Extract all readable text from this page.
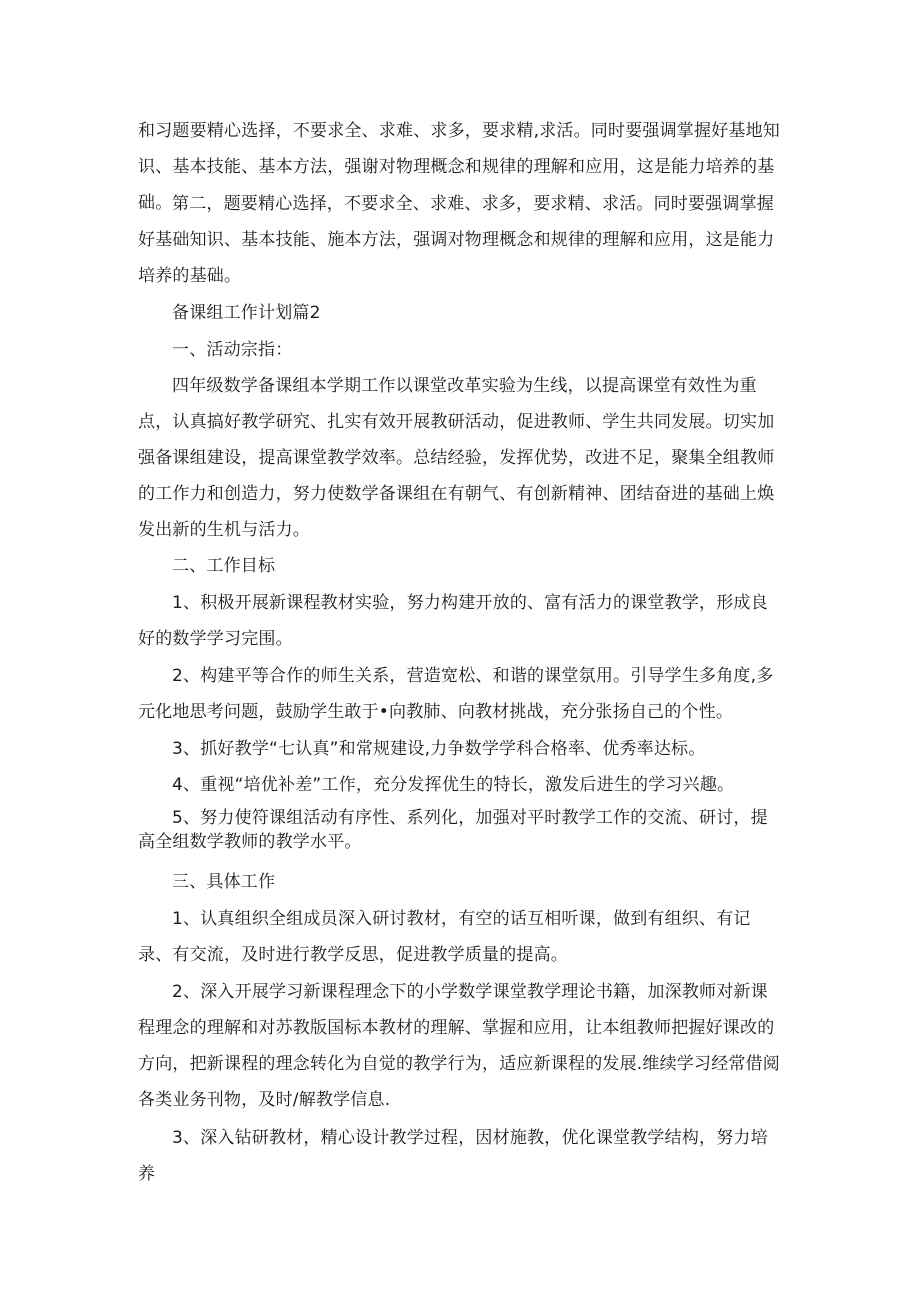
和习题要精心选择，不要求全、求难、求多，要求精,求活。同时要强调掌握好基地知识、基本技能、基本方法，强谢对物理概念和规律的理解和应用，这是能力培养的基础。 第二，题要精心选择，不要求全、求难、求多，要求精、求活。同时要强调掌握好基础知识、基本技能、施本方法，强调对物理概念和规律的理解和应用，这是能力培养的基础。

备课组工作计划篇2

一、活动宗指：

四年级数学备课组本学期工作以课堂改革实验为生线，以提高课堂有效性为重点，认真搞好教学研究、扎实有效开展教研活动，促进教师、学生共同发展。切实加强备课组建设，提高课堂教学效率。总结经验，发挥优势，改进不足，聚集全组教师的工作力和创造力，努力使数学备课组在有朝气、有创新精神、团结奋进的基础上焕发出新的生机与活力。

二、工作目标

1、积极开展新课程教材实验，努力构建开放的、富有活力的课堂教学，形成良好的数学学习完围。

2、构建平等合作的师生关系，营造宽松、和谐的课堂氛用。引导学生多角度,多元化地思考问题，鼓励学生敢于•向教肺、向教材挑战，充分张扬自己的个性。

3、抓好教学“七认真”和常规建设,力争数学学科合格率、优秀率达标。

4、重视“培优补差”工作，充分发挥优生的特长，激发后进生的学习兴趣。

5、努力使符课组活动有序性、系列化，加强对平时教学工作的交流、研讨，提高全组数学教师的教学水平。

三、具体工作

1、认真组织全组成员深入研讨教材，有空的话互相听课，做到有组织、有记录、有交流，及时进行教学反思，促进教学质量的提高。

2、深入开展学习新课程理念下的小学数学课堂教学理论书籍，加深教师对新课程理念的理解和对苏教版国标本教材的理解、掌握和应用，让本组教师把握好课改的方向，把新课程的理念转化为自觉的教学行为，适应新课程的发展.维续学习经常借阅各类业务刊物，及时/解教学信息.

3、深入钻研教材，精心设计教学过程，因材施教，优化课堂教学结构，努力培养
